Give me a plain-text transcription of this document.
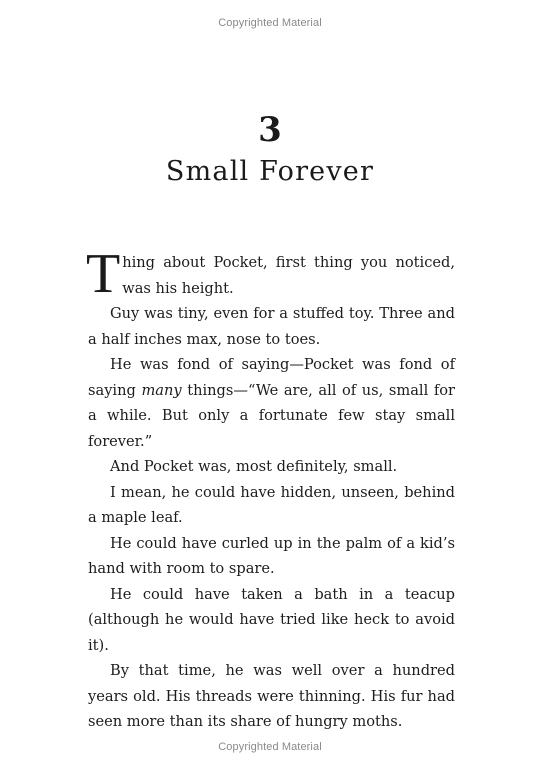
Copyrighted Material
3
Small Forever

Thing about Pocket, first thing you noticed, was his height.

Guy was tiny, even for a stuffed toy. Three and a half inches max, nose to toes.

He was fond of saying—Pocket was fond of saying many things—“We are, all of us, small for a while. But only a fortunate few stay small forever.”

And Pocket was, most definitely, small.

I mean, he could have hidden, unseen, behind a maple leaf.

He could have curled up in the palm of a kid’s hand with room to spare.

He could have taken a bath in a teacup (although he would have tried like heck to avoid it).

By that time, he was well over a hundred years old. His threads were thinning. His fur had seen more than its share of hungry moths.

Copyrighted Material
